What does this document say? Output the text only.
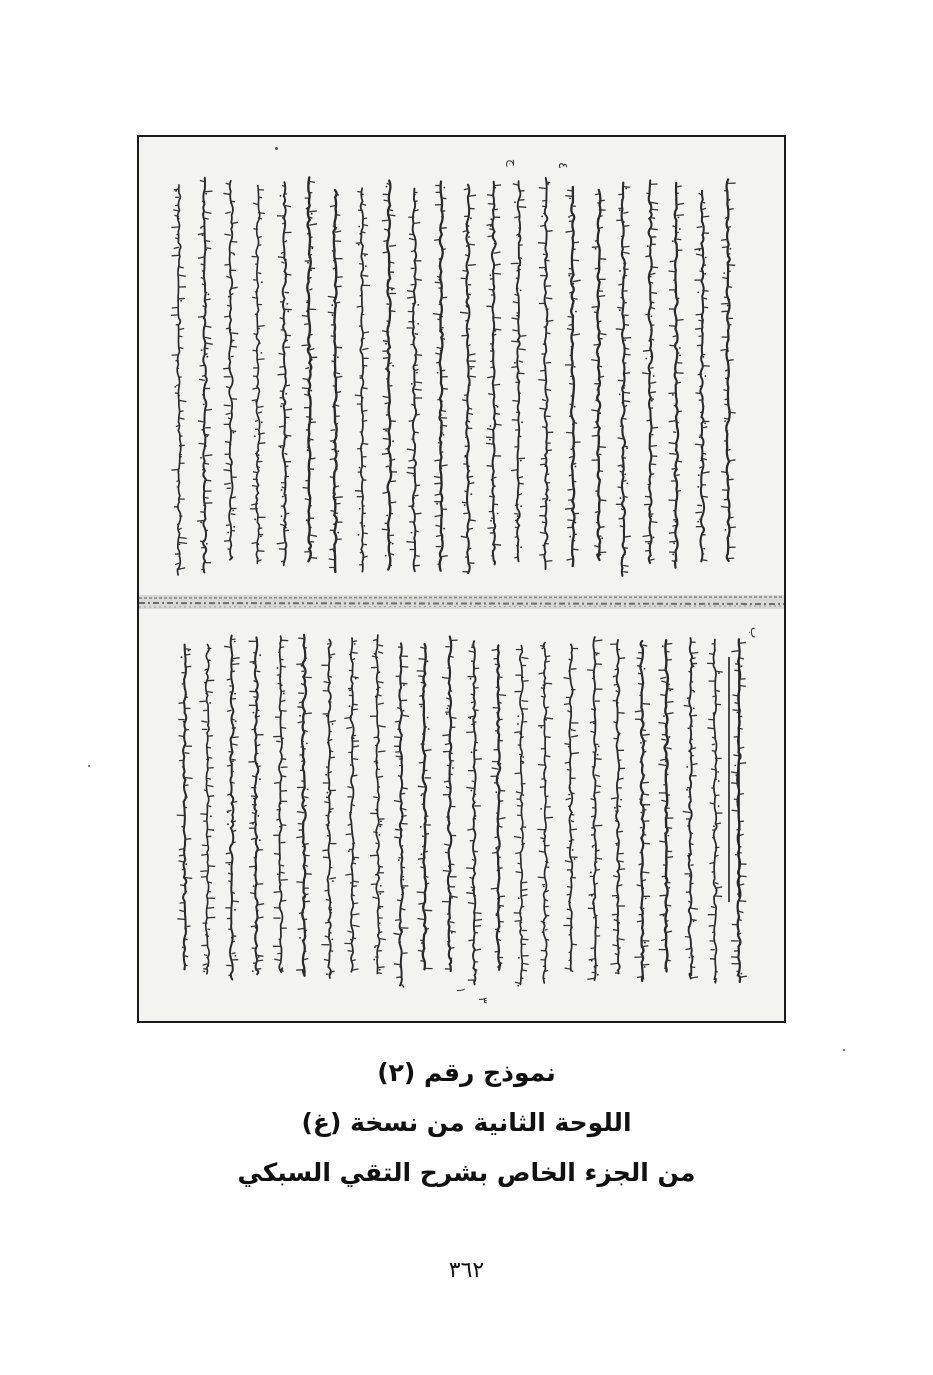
٤
ج
ب
٣
١
نموذج رقم (٢)
اللوحة الثانية من نسخة (غ)
من الجزء الخاص بشرح التقي السبكي
٣٦٢
